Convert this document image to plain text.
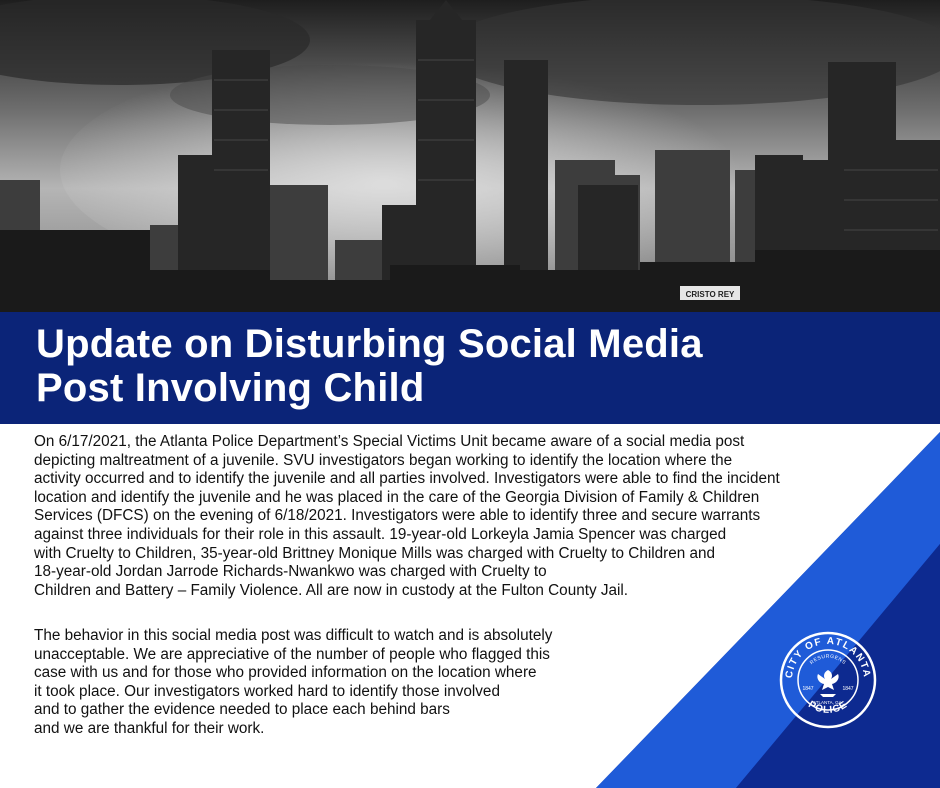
CRISTO REY
Update on Disturbing Social Media
Post Involving Child

On 6/17/2021, the Atlanta Police Department’s Special Victims Unit became aware of a social media post
depicting maltreatment of a juvenile. SVU investigators began working to identify the location where the
activity occurred and to identify the juvenile and all parties involved. Investigators were able to find the incident
location and identify the juvenile and he was placed in the care of the Georgia Division of Family & Children
Services (DFCS) on the evening of 6/18/2021. Investigators were able to identify three and secure warrants
against three individuals for their role in this assault. 19-year-old Lorkeyla Jamia Spencer was charged
with Cruelty to Children, 35-year-old Brittney Monique Mills was charged with Cruelty to Children and
18-year-old Jordan Jarrode Richards-Nwankwo was charged with Cruelty to
Children and Battery – Family Violence. All are now in custody at the Fulton County Jail.

The behavior in this social media post was difficult to watch and is absolutely
unacceptable. We are appreciative of the number of people who flagged this
case with us and for those who provided information on the location where
it took place. Our investigators worked hard to identify those involved
and to gather the evidence needed to place each behind bars
and we are thankful for their work.

CITY OF ATLANTA
POLICE
RESURGENS
1847	1847
ATLANTA, GA.
